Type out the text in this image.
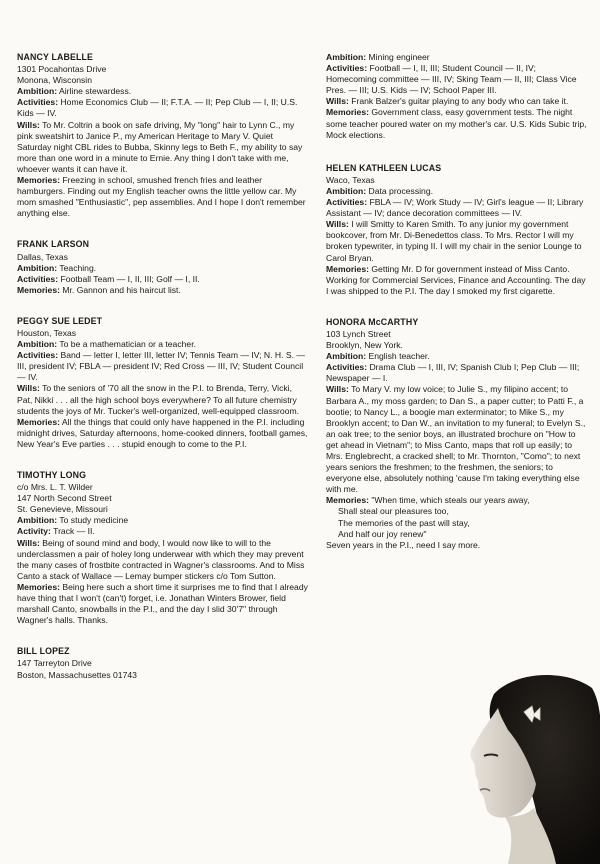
NANCY LABELLE
1301 Pocahontas Drive
Monona, Wisconsin
Ambition: Airline stewardess.
Activities: Home Economics Club — II; F.T.A. — II; Pep Club — I, II; U.S. Kids — IV.
Wills: To Mr. Coltrin a book on safe driving, My "long" hair to Lynn C., my pink sweatshirt to Janice P., my American Heritage to Mary V. Quiet Saturday night CBL rides to Bubba, Skinny legs to Beth F., my ability to say more than one word in a minute to Ernie. Any thing I don't take with me, whoever wants it can have it.
Memories: Freezing in school, smushed french fries and leather hamburgers. Finding out my English teacher owns the little yellow car. My mom smashed "Enthusiastic", pep assemblies. And I hope I don't remember anything else.
FRANK LARSON
Dallas, Texas
Ambition: Teaching.
Activities: Football Team — I, II, III; Golf — I, II.
Memories: Mr. Gannon and his haircut list.
PEGGY SUE LEDET
Houston, Texas
Ambition: To be a mathematician or a teacher.
Activities: Band — letter I, letter III, letter IV; Tennis Team — IV; N. H. S. — III, president IV; FBLA — president IV; Red Cross — III, IV; Student Council — IV.
Wills: To the seniors of '70 all the snow in the P.I. to Brenda, Terry, Vicki, Pat, Nikki . . . all the high school boys everywhere? To all future chemistry students the joys of Mr. Tucker's well-organized, well-equipped classroom.
Memories: All the things that could only have happened in the P.I. including midnight drives, Saturday afternoons, home-cooked dinners, football games, New Year's Eve parties . . . stupid enough to come to the P.I.
TIMOTHY LONG
c/o Mrs. L. T. Wilder
147 North Second Street
St. Genevieve, Missouri
Ambition: To study medicine
Activity: Track — II.
Wills: Being of sound mind and body, I would now like to will to the underclassmen a pair of holey long underwear with which they may prevent the many cases of frostbite contracted in Wagner's classrooms. And to Miss Canto a stack of Wallace — Lemay bumper stickers c/o Tom Sutton.
Memories: Being here such a short time it surprises me to find that I already have thing that I won't (can't) forget, i.e. Jonathan Winters Brower, field marshall Canto, snowballs in the P.I., and the day I slid 30'7" through Wagner's halls. Thanks.
BILL LOPEZ
147 Tarreyton Drive
Boston, Massachusettes 01743
Ambition: Mining engineer
Activities: Football — I, II, III; Student Council — II, IV; Homecoming committee — III, IV; Sking Team — II, III; Class Vice Pres. — III; U.S. Kids — IV; School Paper III.
Wills: Frank Balzer's guitar playing to any body who can take it.
Memories: Government class, easy government tests. The night some teacher poured water on my mother's car. U.S. Kids Subic trip, Mock elections.
HELEN KATHLEEN LUCAS
Waco, Texas
Ambition: Data processing.
Activities: FBLA — IV; Work Study — IV; Girl's league — II; Library Assistant — IV; dance decoration committees — IV.
Wills: I will Smitty to Karen Smith. To any junior my government bookcover, from Mr. Di-Benedettos class. To Mrs. Rector I will my broken typewriter, in typing II. I will my chair in the senior Lounge to Carol Bryan.
Memories: Getting Mr. D for government instead of Miss Canto. Working for Commercial Services, Finance and Accounting. The day I was shipped to the P.I. The day I smoked my first cigarette.
HONORA McCARTHY
103 Lynch Street
Brooklyn, New York.
Ambition: English teacher.
Activities: Drama Club — I, III, IV; Spanish Club I; Pep Club — III; Newspaper — I.
Wills: To Mary V. my low voice; to Julie S., my filipino accent; to Barbara A., my moss garden; to Dan S., a paper cutter; to Patti F., a bootie; to Nancy L., a boogie man exterminator; to Mike S., my Brooklyn accent; to Dan W., an invitation to my funeral; to Evelyn S., an oak tree; to the senior boys, an illustrated brochure on "How to get ahead in Vietnam"; to Miss Canto, maps that roll up easily; to Mrs. Englebrecht, a cracked shell; to Mr. Thornton, "Como"; to next years seniors the freshmen; to the freshmen, the seniors; to everyone else, absolutely nothing 'cause I'm taking everything else with me.
Memories: "When time, which steals our years away,
Shall steal our pleasures too,
The memories of the past will stay,
And half our joy renew"
Seven years in the P.I., need I say more.
